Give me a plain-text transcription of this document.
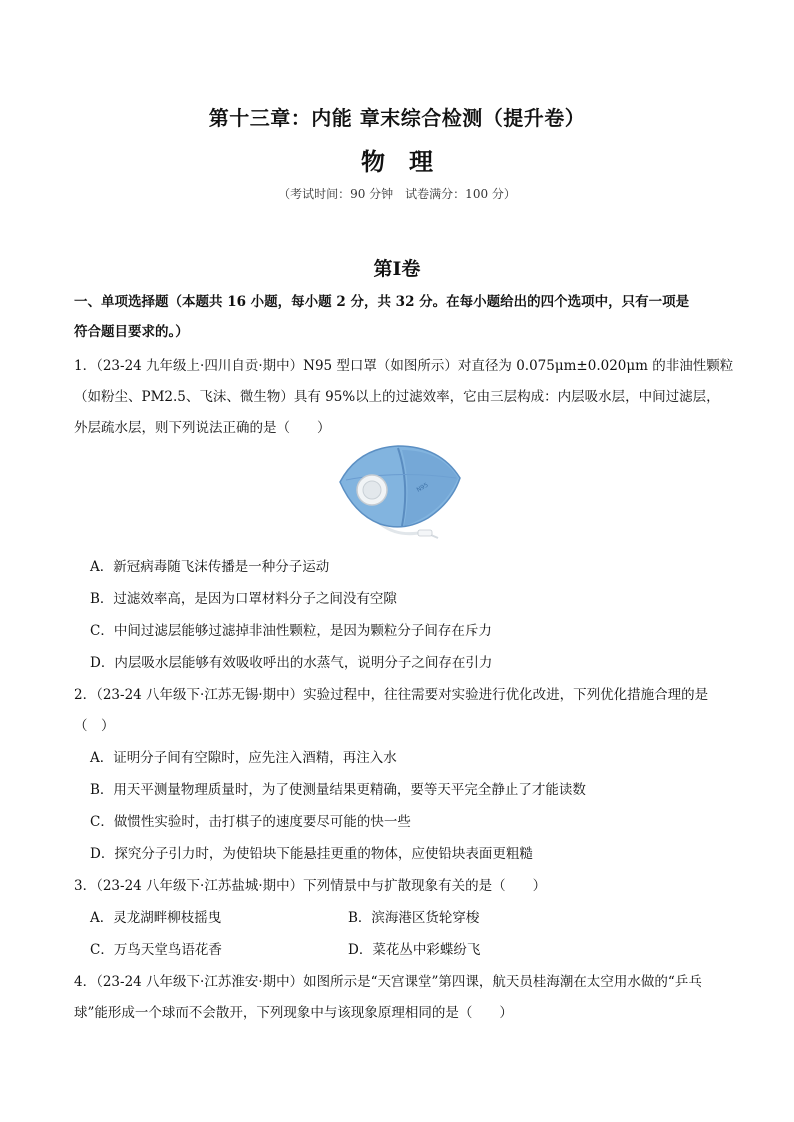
第十三章：内能 章末综合检测（提升卷）
物理
（考试时间：90 分钟　试卷满分：100 分）
第Ⅰ卷
一、单项选择题（本题共 16 小题，每小题 2 分，共 32 分。在每小题给出的四个选项中，只有一项是
符合题目要求的。）
1．（23-24 九年级上·四川自贡·期中）N95 型口罩（如图所示）对直径为 0.075μm±0.020μm 的非油性颗粒
（如粉尘、PM2.5、飞沫、微生物）具有 95%以上的过滤效率，它由三层构成：内层吸水层，中间过滤层，
外层疏水层，则下列说法正确的是（　　）
N95
A．新冠病毒随飞沫传播是一种分子运动
B．过滤效率高，是因为口罩材料分子之间没有空隙
C．中间过滤层能够过滤掉非油性颗粒，是因为颗粒分子间存在斥力
D．内层吸水层能够有效吸收呼出的水蒸气，说明分子之间存在引力
2．（23-24 八年级下·江苏无锡·期中）实验过程中，往往需要对实验进行优化改进，下列优化措施合理的是
（　）
A．证明分子间有空隙时，应先注入酒精，再注入水
B．用天平测量物理质量时，为了使测量结果更精确，要等天平完全静止了才能读数
C．做惯性实验时，击打棋子的速度要尽可能的快一些
D．探究分子引力时，为使铅块下能悬挂更重的物体，应使铅块表面更粗糙
3．（23-24 八年级下·江苏盐城·期中）下列情景中与扩散现象有关的是（　　）
A．灵龙湖畔柳枝摇曳	B．滨海港区货轮穿梭
C．万鸟天堂鸟语花香	D．菜花丛中彩蝶纷飞
4．（23-24 八年级下·江苏淮安·期中）如图所示是“天宫课堂”第四课，航天员桂海潮在太空用水做的“乒乓
球”能形成一个球而不会散开，下列现象中与该现象原理相同的是（　　）
